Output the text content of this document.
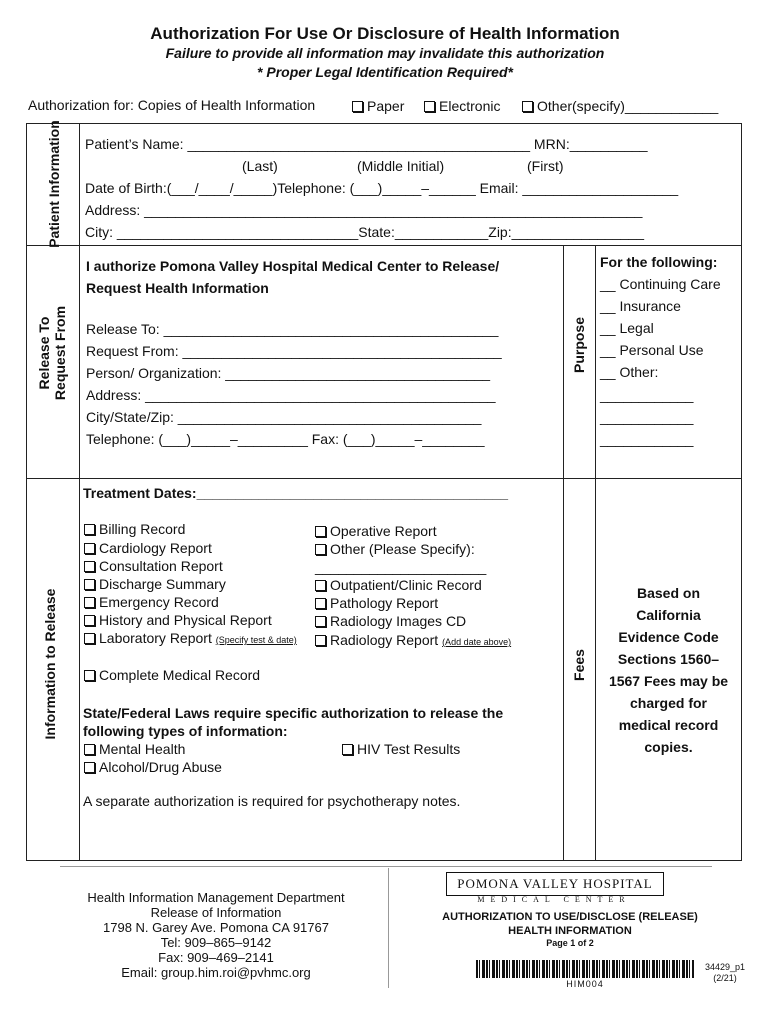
Authorization For Use Or Disclosure of Health Information
Failure to provide all information may invalidate this authorization
* Proper Legal Identification Required*
Authorization for: Copies of Health Information	Paper	Electronic	Other(specify)____________
Patient Information
Release To Request From
Information to Release
Purpose
Fees
Patient’s Name: ____________________________________________ MRN:__________
(Last)	(Middle Initial)	(First)
Date of Birth:(___/____/_____)Telephone: (___)_____–______ Email: ____________________
Address: ________________________________________________________________
City: _______________________________State:____________Zip:_________________
I authorize Pomona Valley Hospital Medical Center to Release/
Request Health Information
Release To: ___________________________________________
Request From: _________________________________________
Person/ Organization: __________________________________
Address: _____________________________________________
City/State/Zip: _______________________________________
Telephone: (___)_____–_________ Fax: (___)_____–________
For the following:
__ Continuing Care
__ Insurance
__ Legal
__ Personal Use
__ Other:
____________
____________
____________
Treatment Dates:________________________________________
Billing Record
Cardiology Report
Consultation Report
Discharge Summary
Emergency Record
History and Physical Report
Laboratory Report (Specify test & date)
Operative Report
Other (Please Specify):
______________________
Outpatient/Clinic Record
Pathology Report
Radiology Images CD
Radiology Report (Add date above)
Complete Medical Record
State/Federal Laws require specific authorization to release the
following types of information:
Mental Health	HIV Test Results
Alcohol/Drug Abuse
A separate authorization is required for psychotherapy notes.
Based on
California
Evidence Code
Sections 1560–
1567 Fees may be
charged for
medical record
copies.
Health Information Management Department
Release of Information
1798 N. Garey Ave. Pomona CA 91767
Tel: 909–865–9142
Fax: 909–469–2141
Email: group.him.roi@pvhmc.org
POMONA VALLEY HOSPITAL
MEDICAL CENTER
AUTHORIZATION TO USE/DISCLOSE (RELEASE)
HEALTH INFORMATION
Page 1 of 2
HIM004
34429_p1
(2/21)
